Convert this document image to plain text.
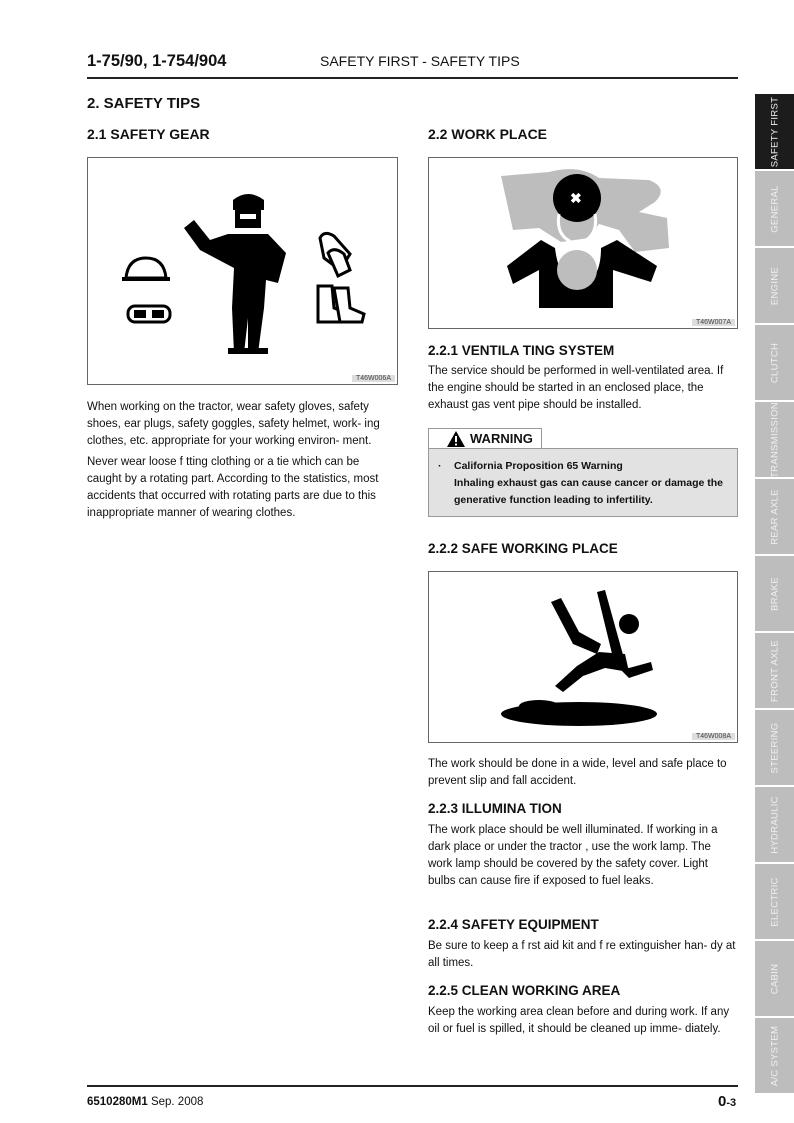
1-75/90, 1-754/904	SAFETY FIRST - SAFETY TIPS
2. SAFETY TIPS
2.1 SAFETY GEAR
T46W006A

When working on the tractor, wear safety gloves, safety shoes, ear plugs, safety goggles, safety helmet, work- ing clothes, etc. appropriate for your working environ- ment.

Never wear loose f tting clothing or a tie which can be caught by a rotating part. According to the statistics, most accidents that occurred with rotating parts are due to this inappropriate manner of wearing clothes.

2.2 WORK PLACE
✖
T46W007A
2.2.1 VENTILA TING SYSTEM
The service should be performed in well-ventilated area. If the engine should be started in an enclosed place, the exhaust gas vent pipe should be installed.
WARNING
·	California Proposition 65 Warning
Inhaling exhaust gas can cause cancer or damage the generative function leading to infertility.
2.2.2 SAFE WORKING PLACE
T46W008A
The work should be done in a wide, level and safe place to prevent slip and fall accident.
2.2.3 ILLUMINA TION
The work place should be well illuminated. If working in a dark place or under the tractor , use the work lamp. The work lamp should be covered by the safety cover. Light bulbs can cause fire if exposed to fuel leaks.
2.2.4 SAFETY EQUIPMENT
Be sure to keep a f rst aid kit and f re extinguisher han- dy at all times.
2.2.5 CLEAN WORKING AREA
Keep the working area clean before and during work. If any oil or fuel is spilled, it should be cleaned up imme- diately.
SAFETY FIRST
GENERAL
ENGINE
CLUTCH
TRANSMISSION
REAR AXLE
BRAKE
FRONT AXLE
STEERING
HYDRAULIC
ELECTRIC
CABIN
A/C SYSTEM
6510280M1 Sep. 2008	0-3
